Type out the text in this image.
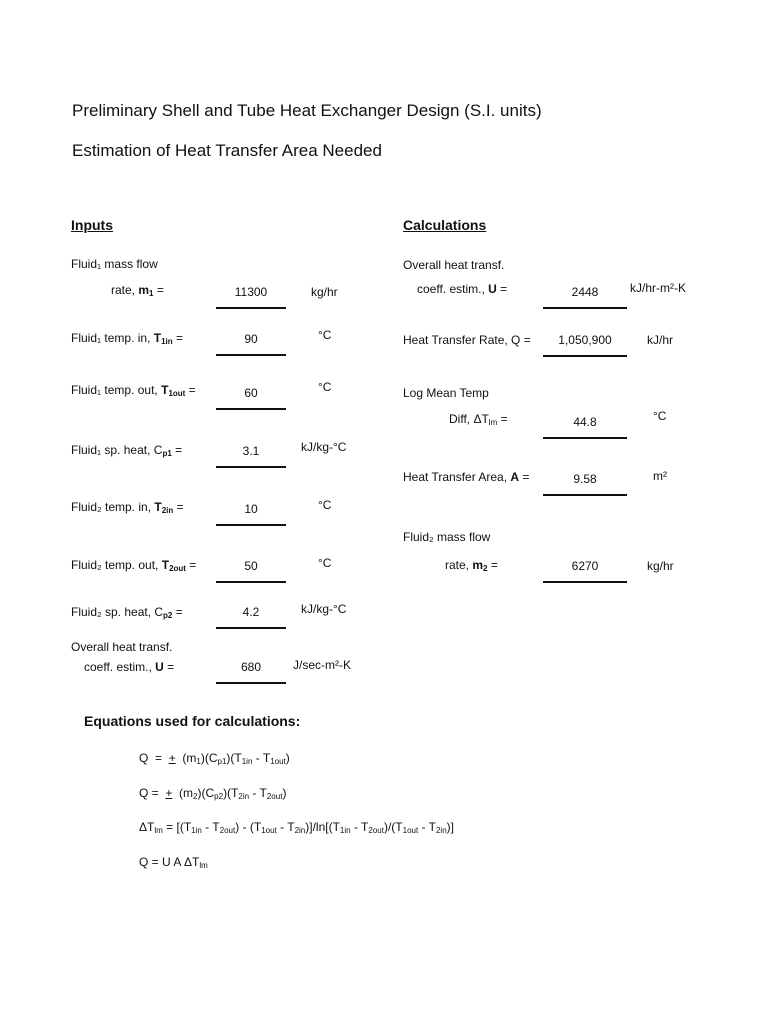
Preliminary Shell and Tube Heat Exchanger Design (S.I. units)
Estimation of Heat Transfer Area Needed
Inputs	Calculations
Fluid₁ mass flow
rate, $m_1$ =	11300	kg/hr
Fluid₁ temp. in, $T_{1in}$ =	90	°C
Fluid₁ temp. out, $T_{1out}$ =	60	°C
Fluid₁ sp. heat, $C_{p1}$ =	3.1	kJ/kg-°C
Fluid₂ temp. in, $T_{2in}$ =	10	°C
Fluid₂ temp. out, $T_{2out}$ =	50	°C
Fluid₂ sp. heat, $C_{p2}$ =	4.2	kJ/kg-°C
Overall heat transf.
coeff. estim., U =	680	J/sec-m²-K
Overall heat transf.
coeff. estim., U =	2448	kJ/hr-m²-K
Heat Transfer Rate, Q =	1,050,900	kJ/hr
Log Mean Temp
Diff, $\Delta T_{lm}$ =	44.8	°C
Heat Transfer Area, A =	9.58	m²
Fluid₂ mass flow
rate, $m_2$ =	6270	kg/hr
Equations used for calculations:
Q  =  +  $(m_1)(C_{p1})(T_{1in} - T_{1out})$
Q =  +  $(m_2)(C_{p2})(T_{2in} - T_{2out})$
$\Delta T_{lm} = [(T_{1in} - T_{2out}) - (T_{1out} - T_{2in})]/\ln[(T_{1in} - T_{2out})/(T_{1out} - T_{2in})]$
Q = U A $\Delta T_{lm}$
